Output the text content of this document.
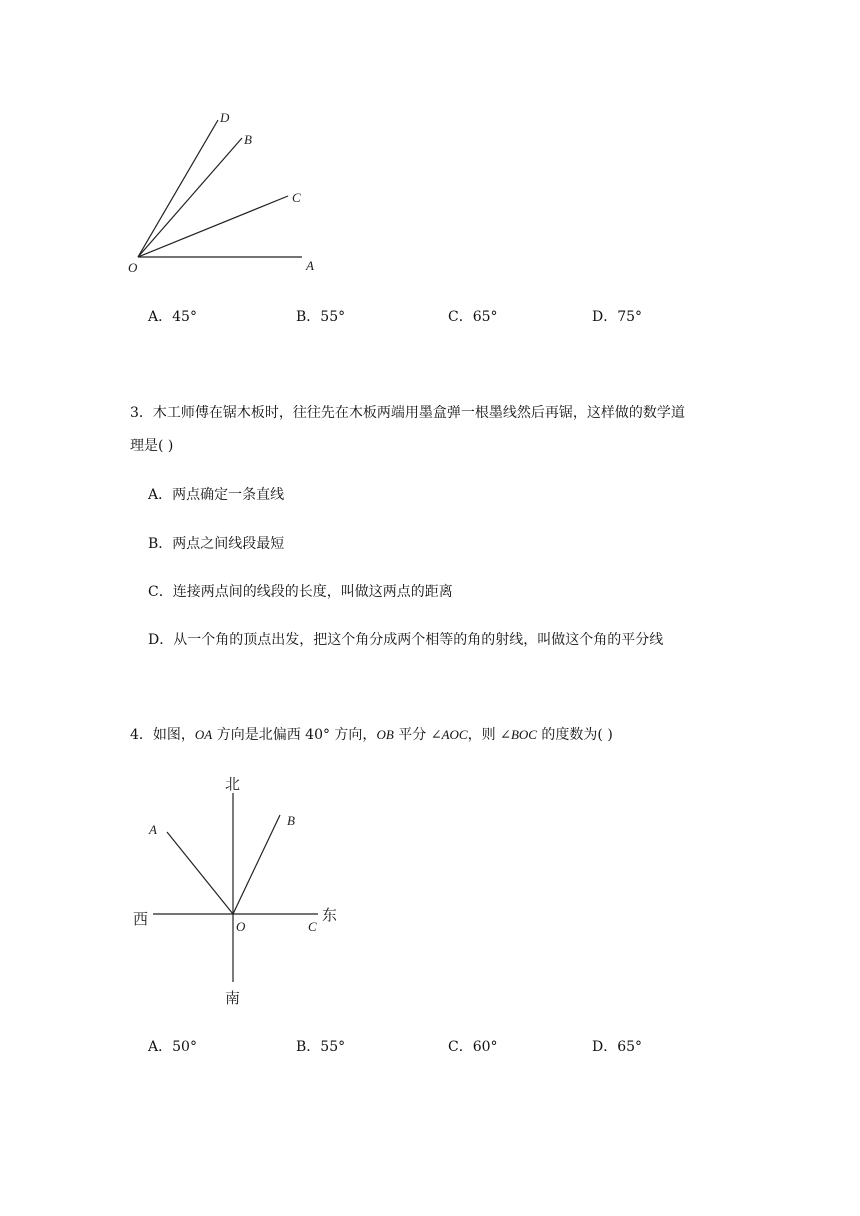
D
B
C
O	A
A．45°	B．55°	C．65°	D．75°
3．木工师傅在锯木板时，往往先在木板两端用墨盒弹一根墨线然后再锯，这样做的数学道
理是( )
A．两点确定一条直线
B．两点之间线段最短
C．连接两点间的线段的长度，叫做这两点的距离
D．从一个角的顶点出发，把这个角分成两个相等的角的射线，叫做这个角的平分线
4．如图，OA 方向是北偏西 40° 方向，OB 平分 ∠AOC，则 ∠BOC 的度数为( )
北
南
西	东
A
B
O	C
A．50°	B．55°	C．60°	D．65°
